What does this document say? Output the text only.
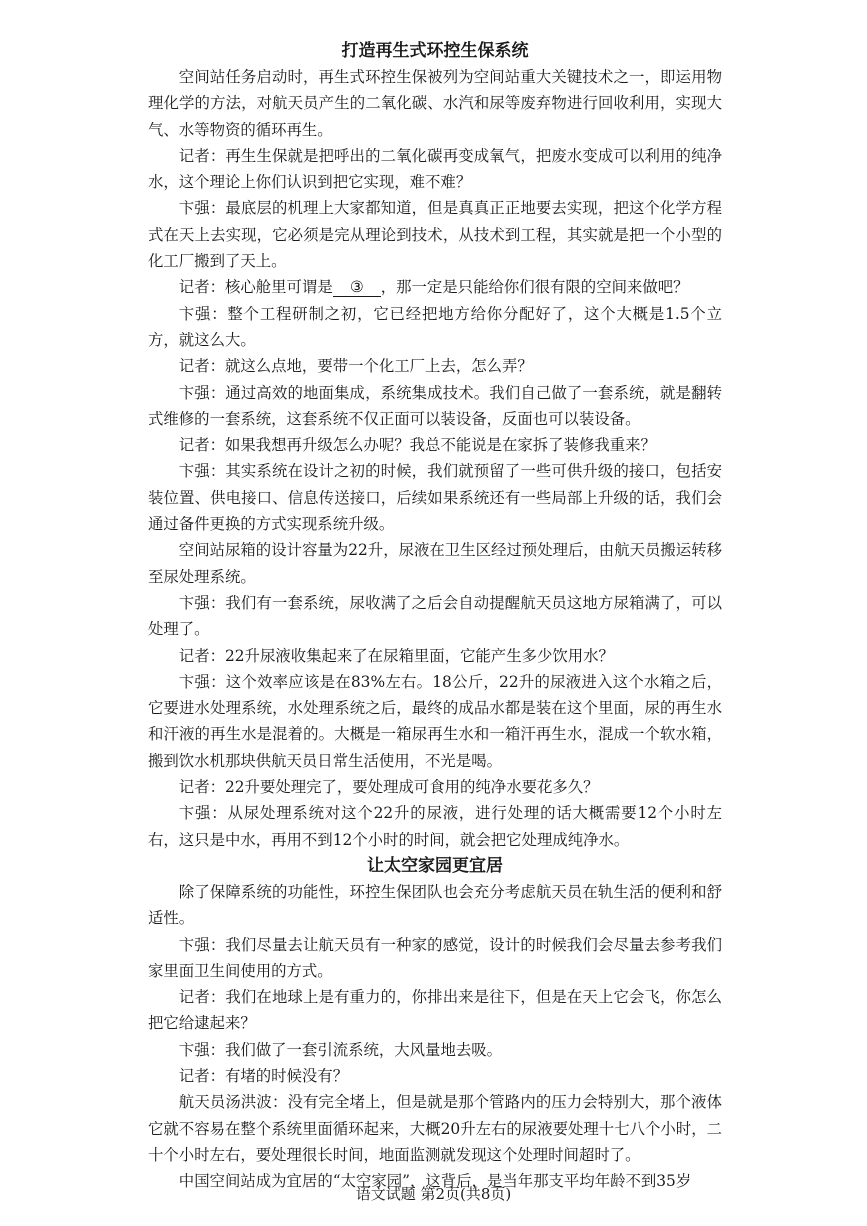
打造再生式环控生保系统

空间站任务启动时，再生式环控生保被列为空间站重大关键技术之一，即运用物理化学的方法，对航天员产生的二氧化碳、水汽和尿等废弃物进行回收利用，实现大气、水等物资的循环再生。

记者：再生生保就是把呼出的二氧化碳再变成氧气，把废水变成可以利用的纯净水，这个理论上你们认识到把它实现，难不难？

卞强：最底层的机理上大家都知道，但是真真正正地要去实现，把这个化学方程式在天上去实现，它必须是完从理论到技术，从技术到工程，其实就是把一个小型的化工厂搬到了天上。

记者：核心舱里可谓是 ③ ，那一定是只能给你们很有限的空间来做吧？

卞强：整个工程研制之初，它已经把地方给你分配好了，这个大概是1.5个立方，就这么大。

记者：就这么点地，要带一个化工厂上去，怎么弄？

卞强：通过高效的地面集成，系统集成技术。我们自己做了一套系统，就是翻转式维修的一套系统，这套系统不仅正面可以装设备，反面也可以装设备。

记者：如果我想再升级怎么办呢？我总不能说是在家拆了装修我重来？

卞强：其实系统在设计之初的时候，我们就预留了一些可供升级的接口，包括安装位置、供电接口、信息传送接口，后续如果系统还有一些局部上升级的话，我们会通过备件更换的方式实现系统升级。

空间站尿箱的设计容量为22升，尿液在卫生区经过预处理后，由航天员搬运转移至尿处理系统。

卞强：我们有一套系统，尿收满了之后会自动提醒航天员这地方尿箱满了，可以处理了。

记者：22升尿液收集起来了在尿箱里面，它能产生多少饮用水？

卞强：这个效率应该是在83%左右。18公斤，22升的尿液进入这个水箱之后，它要进水处理系统，水处理系统之后，最终的成品水都是装在这个里面，尿的再生水和汗液的再生水是混着的。大概是一箱尿再生水和一箱汗再生水，混成一个软水箱，搬到饮水机那块供航天员日常生活使用，不光是喝。

记者：22升要处理完了，要处理成可食用的纯净水要花多久？

卞强：从尿处理系统对这个22升的尿液，进行处理的话大概需要12个小时左右，这只是中水，再用不到12个小时的时间，就会把它处理成纯净水。

让太空家园更宜居

除了保障系统的功能性，环控生保团队也会充分考虑航天员在轨生活的便利和舒适性。

卞强：我们尽量去让航天员有一种家的感觉，设计的时候我们会尽量去参考我们家里面卫生间使用的方式。

记者：我们在地球上是有重力的，你排出来是往下，但是在天上它会飞，你怎么把它给逮起来？

卞强：我们做了一套引流系统，大风量地去吸。

记者：有堵的时候没有？

航天员汤洪波：没有完全堵上，但是就是那个管路内的压力会特别大，那个液体它就不容易在整个系统里面循环起来，大概20升左右的尿液要处理十七八个小时，二十个小时左右，要处理很长时间，地面监测就发现这个处理时间超时了。

中国空间站成为宜居的“太空家园”，这背后，是当年那支平均年龄不到35岁

语文试题 第2页(共8页)
